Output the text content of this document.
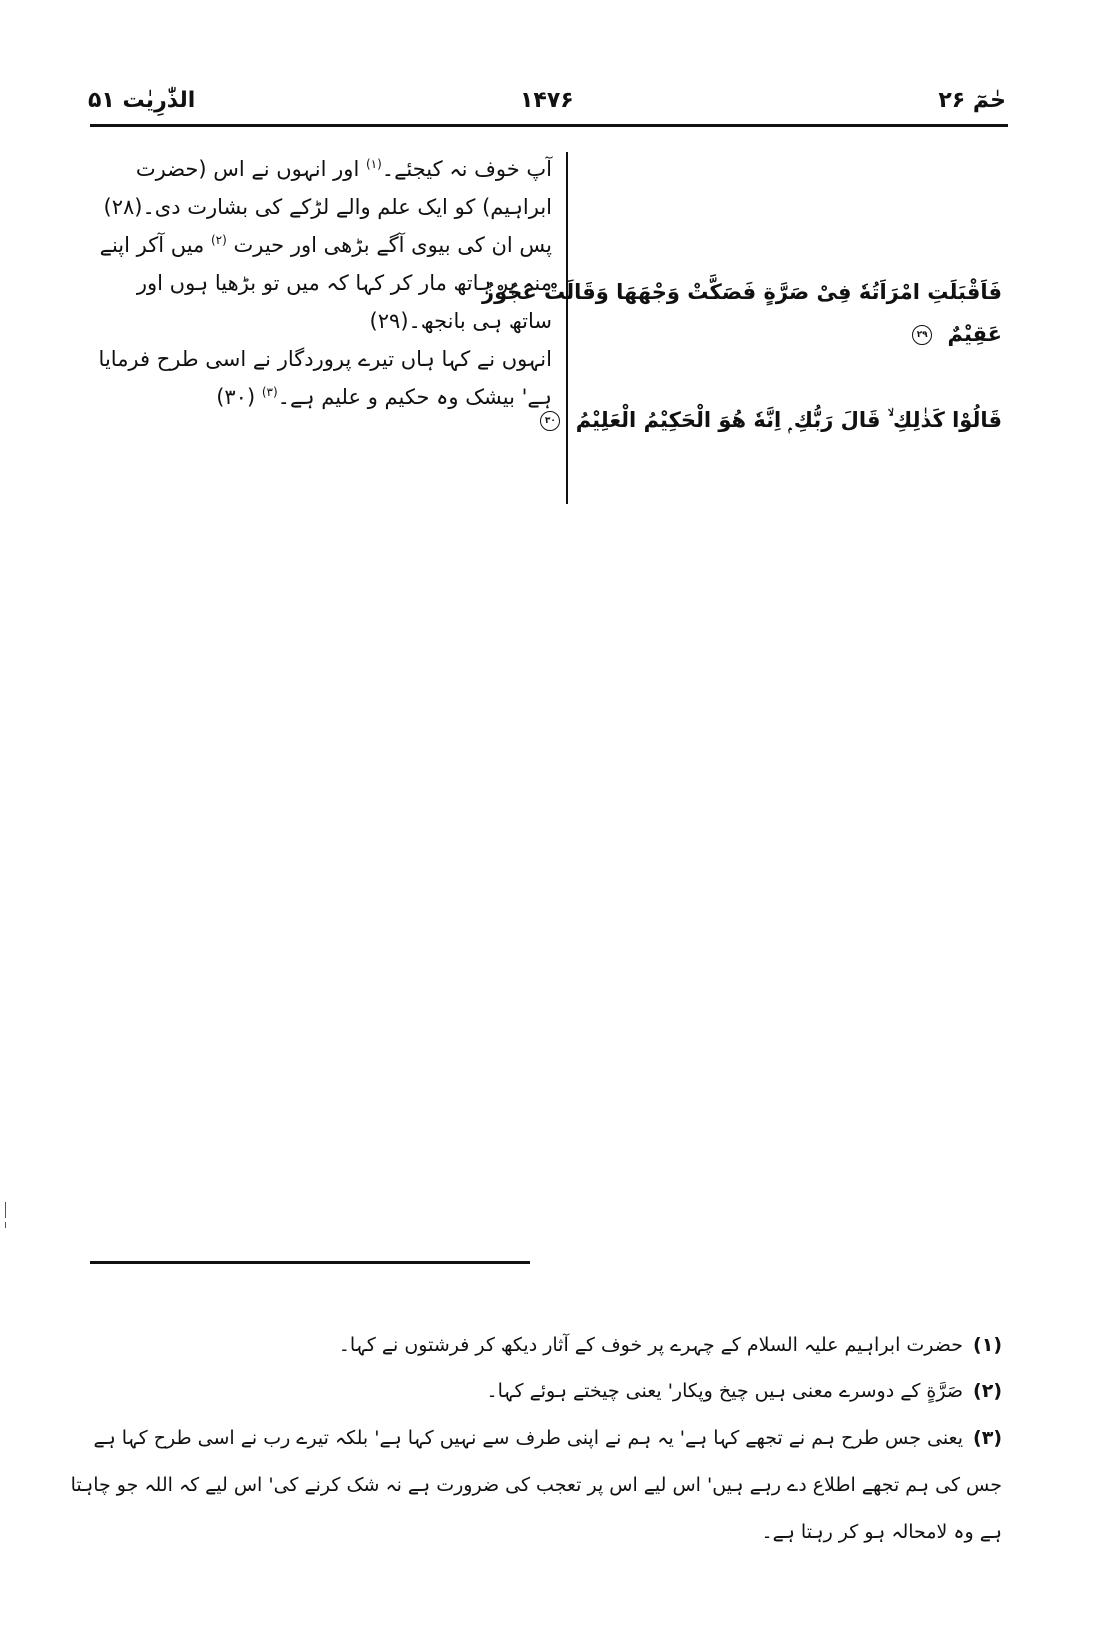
الذّٰرِیٰت ۵۱	۱۴۷۶	حٰمٓ ۲۶

آپ خوف نہ کیجئے۔$^{(۱)}$ اور انہوں نے اس (حضرت ابراہیم) کو ایک علم والے لڑکے کی بشارت دی۔(۲۸)

پس ان کی بیوی آگے بڑھی اور حیرت $^{(۲)}$ میں آکر اپنے منہ پر ہاتھ مار کر کہا کہ میں تو بڑھیا ہوں اور ساتھ ہی بانجھ۔(۲۹)

انہوں نے کہا ہاں تیرے پروردگار نے اسی طرح فرمایا ہے' بیشک وہ حکیم و علیم ہے۔$^{(۳)}$ (۳۰)

فَاَقْبَلَتِ امْرَاَتُهٗ فِیْ صَرَّةٍ فَصَكَّتْ وَجْهَهَا وَقَالَتْ عَجُوْزٌ
عَقِیْمٌ ۲۹
قَالُوْا كَذٰلِكِ ۙ قَالَ رَبُّكِ ۭ اِنَّهٗ هُوَ الْحَكِیْمُ الْعَلِیْمُ ۳۰
(۱)حضرت ابراہیم علیہ السلام کے چہرے پر خوف کے آثار دیکھ کر فرشتوں نے کہا۔
(۲)صَرَّةٍ کے دوسرے معنی ہیں چیخ وپکار' یعنی چیختے ہوئے کہا۔
(۳)یعنی جس طرح ہم نے تجھے کہا ہے' یہ ہم نے اپنی طرف سے نہیں کہا ہے' بلکہ تیرے رب نے اسی طرح کہا ہے
جس کی ہم تجھے اطلاع دے رہے ہیں' اس لیے اس پر تعجب کی ضرورت ہے نہ شک کرنے کی' اس لیے کہ اللہ جو چاہتا
ہے وہ لامحالہ ہو کر رہتا ہے۔
